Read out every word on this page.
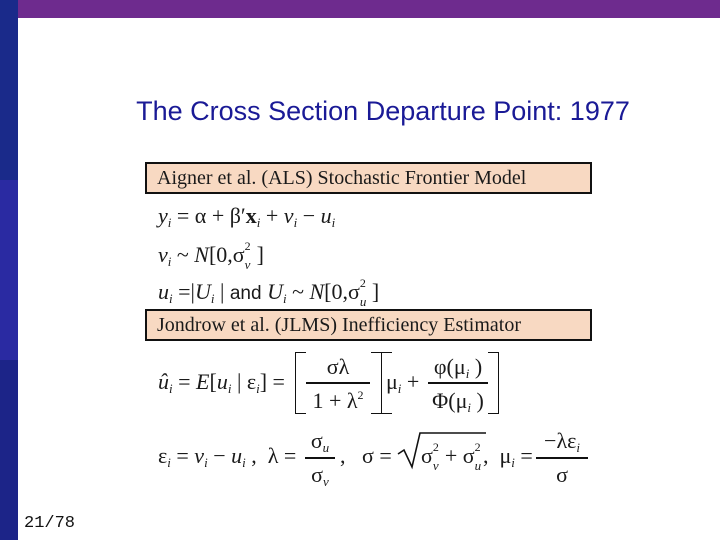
The Cross Section Departure Point: 1977
Aigner et al. (ALS) Stochastic Frontier Model
$y_i = \alpha + \beta'x_i + v_i - u_i$
$v_i$ ~ N[0,σ 2
v ]
$u_i =|U_i$ | and $U_i$ ~ N[0,σ 2
u ]
Jondrow et al. (JLMS) Inefficiency Estimator
$û_i = E[u_i$ | $\varepsilon_i$] =
σλ
$1 + \lambda^2$
$\mu_i$ +
$\varphi(\mu_i$ )
$\Phi(\mu_i$ )
$\varepsilon_i = v_i - u_i$ ,  λ =
$\sigma_u$
$\sigma_v$
,   σ = σ 2
v + σ 2
u ,  $\mu_i$ =
$-\lambda\varepsilon_i$
σ
21/78
